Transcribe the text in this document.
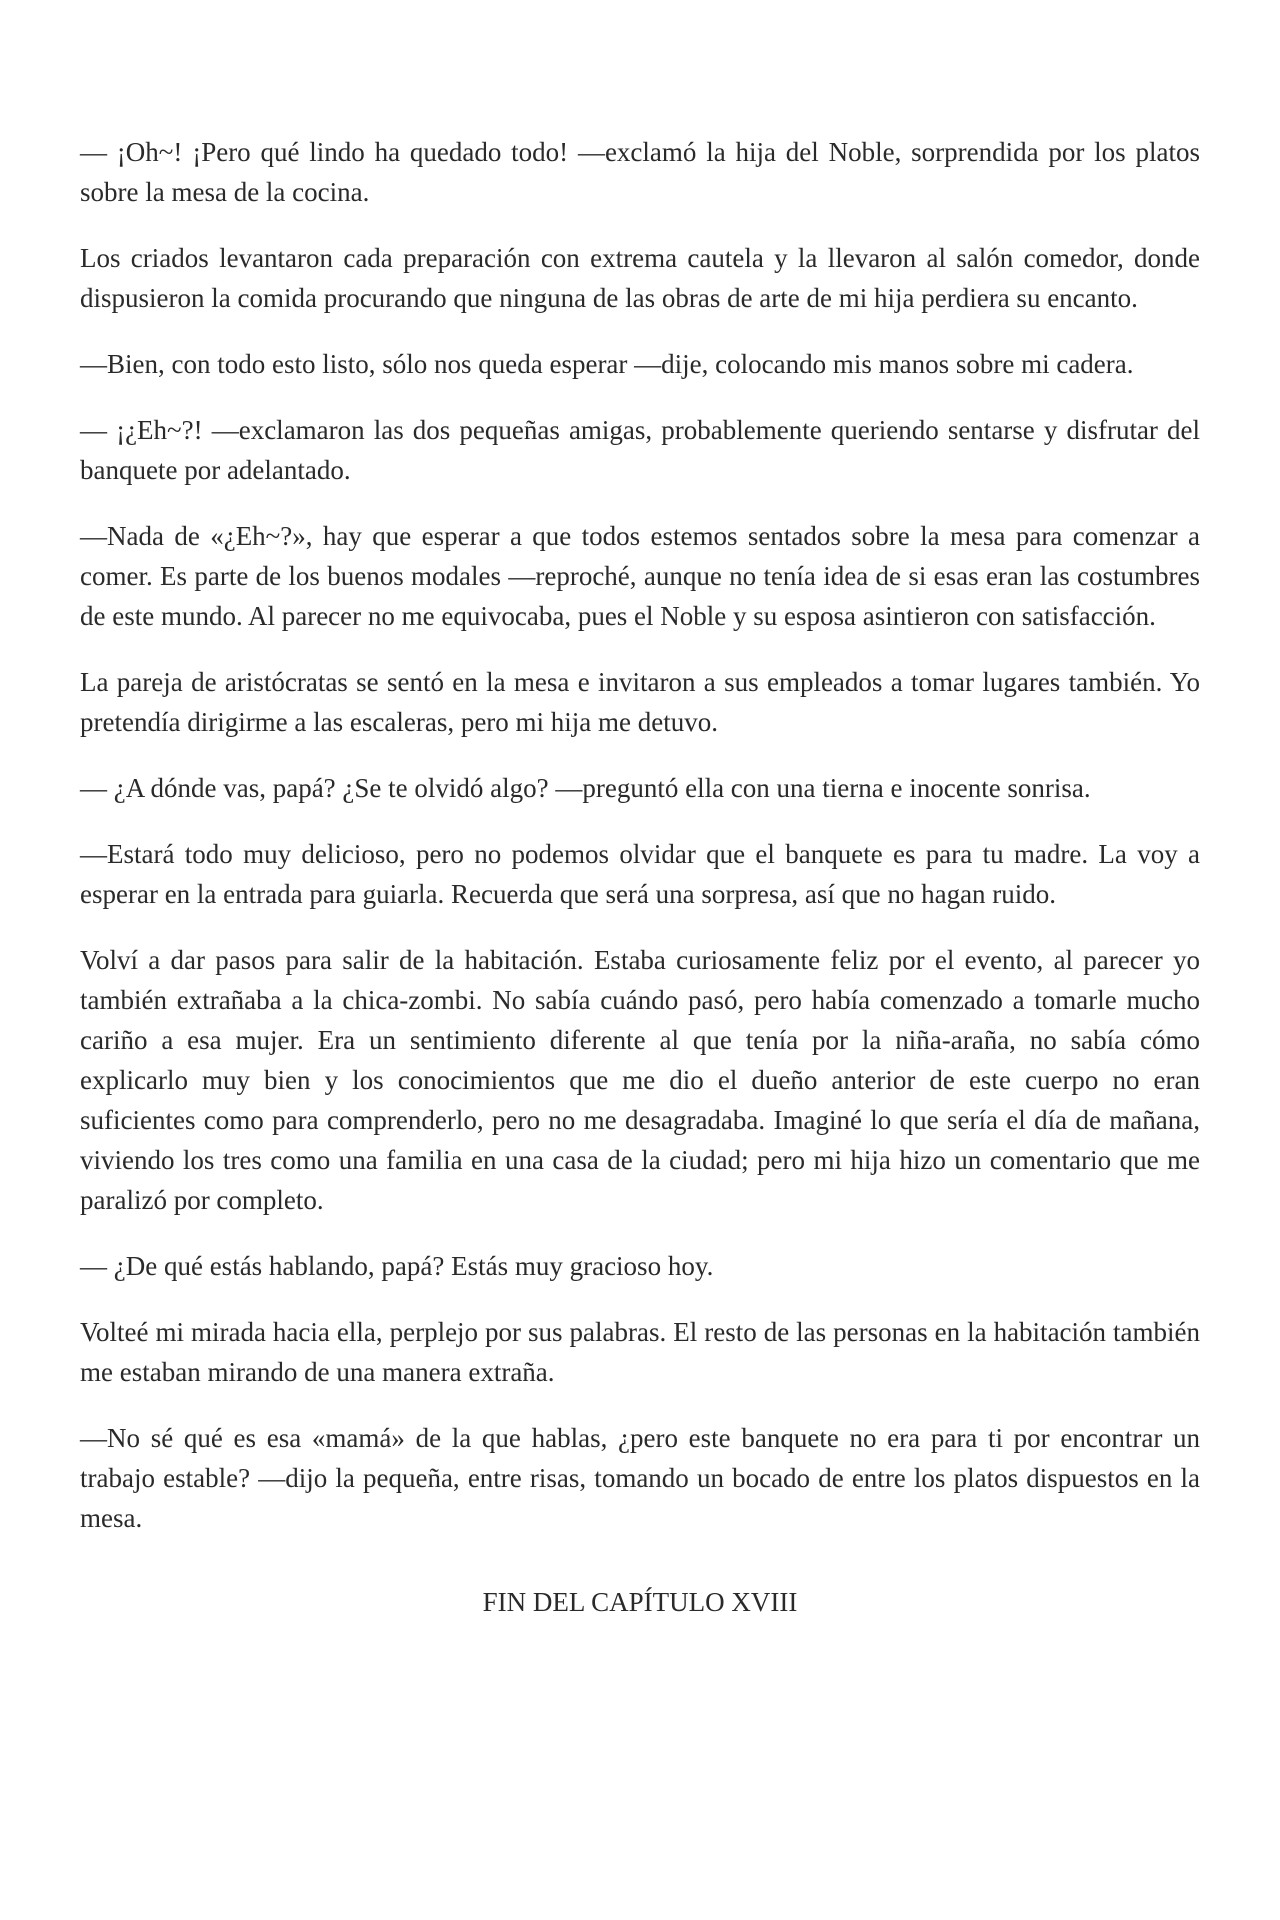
— ¡Oh~! ¡Pero qué lindo ha quedado todo! —exclamó la hija del Noble, sorprendida por los platos sobre la mesa de la cocina.

Los criados levantaron cada preparación con extrema cautela y la llevaron al salón comedor, donde dispusieron la comida procurando que ninguna de las obras de arte de mi hija perdiera su encanto.

—Bien, con todo esto listo, sólo nos queda esperar —dije, colocando mis manos sobre mi cadera.

— ¡¿Eh~?! —exclamaron las dos pequeñas amigas, probablemente queriendo sentarse y disfrutar del banquete por adelantado.

—Nada de «¿Eh~?», hay que esperar a que todos estemos sentados sobre la mesa para comenzar a comer. Es parte de los buenos modales —reproché, aunque no tenía idea de si esas eran las costumbres de este mundo. Al parecer no me equivocaba, pues el Noble y su esposa asintieron con satisfacción.

La pareja de aristócratas se sentó en la mesa e invitaron a sus empleados a tomar lugares también. Yo pretendía dirigirme a las escaleras, pero mi hija me detuvo.

— ¿A dónde vas, papá? ¿Se te olvidó algo? —preguntó ella con una tierna e inocente sonrisa.

—Estará todo muy delicioso, pero no podemos olvidar que el banquete es para tu madre. La voy a esperar en la entrada para guiarla. Recuerda que será una sorpresa, así que no hagan ruido.

Volví a dar pasos para salir de la habitación. Estaba curiosamente feliz por el evento, al parecer yo también extrañaba a la chica-zombi. No sabía cuándo pasó, pero había comenzado a tomarle mucho cariño a esa mujer. Era un sentimiento diferente al que tenía por la niña-araña, no sabía cómo explicarlo muy bien y los conocimientos que me dio el dueño anterior de este cuerpo no eran suficientes como para comprenderlo, pero no me desagradaba. Imaginé lo que sería el día de mañana, viviendo los tres como una familia en una casa de la ciudad; pero mi hija hizo un comentario que me paralizó por completo.

— ¿De qué estás hablando, papá? Estás muy gracioso hoy.

Volteé mi mirada hacia ella, perplejo por sus palabras. El resto de las personas en la habitación también me estaban mirando de una manera extraña.

—No sé qué es esa «mamá» de la que hablas, ¿pero este banquete no era para ti por encontrar un trabajo estable? —dijo la pequeña, entre risas, tomando un bocado de entre los platos dispuestos en la mesa.

FIN DEL CAPÍTULO XVIII
